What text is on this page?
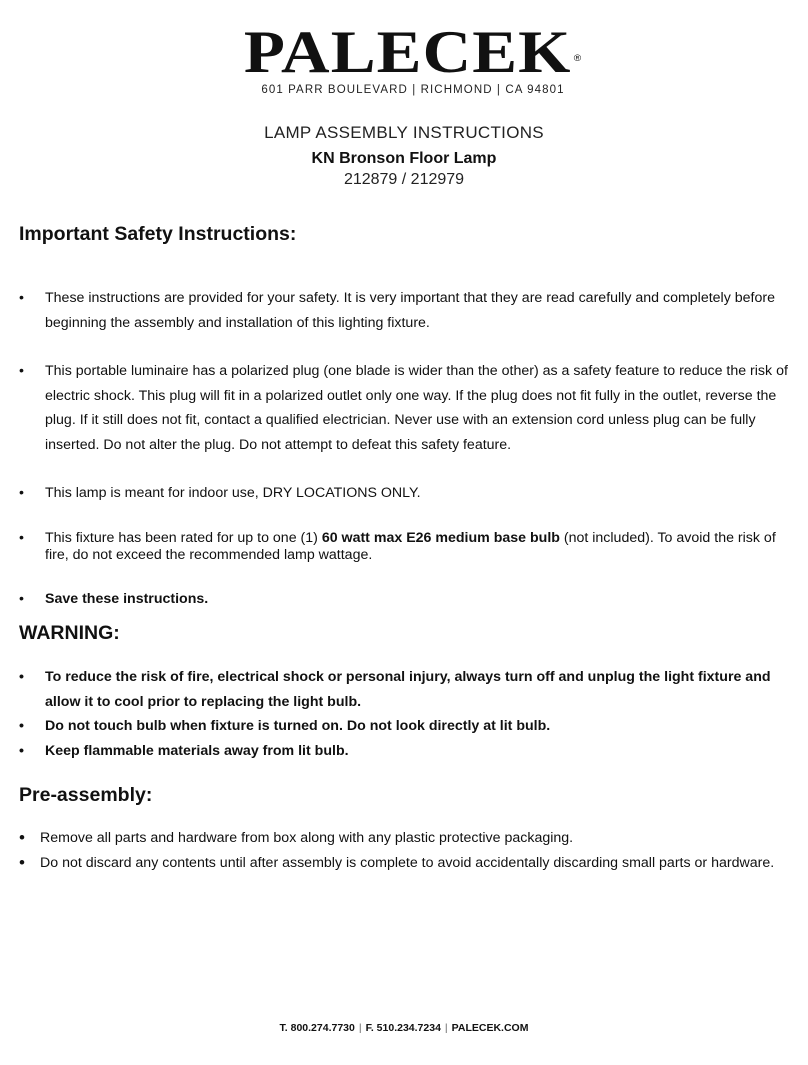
PALECEK ®
601 PARR BOULEVARD | RICHMOND | CA 94801
LAMP ASSEMBLY INSTRUCTIONS
KN Bronson Floor Lamp
212879 / 212979
Important Safety Instructions:
• These instructions are provided for your safety. It is very important that they are read carefully and completely before beginning the assembly and installation of this lighting fixture.
• This portable luminaire has a polarized plug (one blade is wider than the other) as a safety feature to reduce the risk of electric shock. This plug will fit in a polarized outlet only one way. If the plug does not fit fully in the outlet, reverse the plug. If it still does not fit, contact a qualified electrician. Never use with an extension cord unless plug can be fully inserted. Do not alter the plug. Do not attempt to defeat this safety feature.
• This lamp is meant for indoor use, DRY LOCATIONS ONLY.
• This fixture has been rated for up to one (1) 60 watt max E26 medium base bulb (not included). To avoid the risk of fire, do not exceed the recommended lamp wattage.
• Save these instructions.
WARNING:
• To reduce the risk of fire, electrical shock or personal injury, always turn off and unplug the light fixture and allow it to cool prior to replacing the light bulb.
• Do not touch bulb when fixture is turned on. Do not look directly at lit bulb.
• Keep flammable materials away from lit bulb.
Pre-assembly:
• Remove all parts and hardware from box along with any plastic protective packaging.
• Do not discard any contents until after assembly is complete to avoid accidentally discarding small parts or hardware.
T. 800.274.7730 | F. 510.234.7234 | PALECEK.COM
